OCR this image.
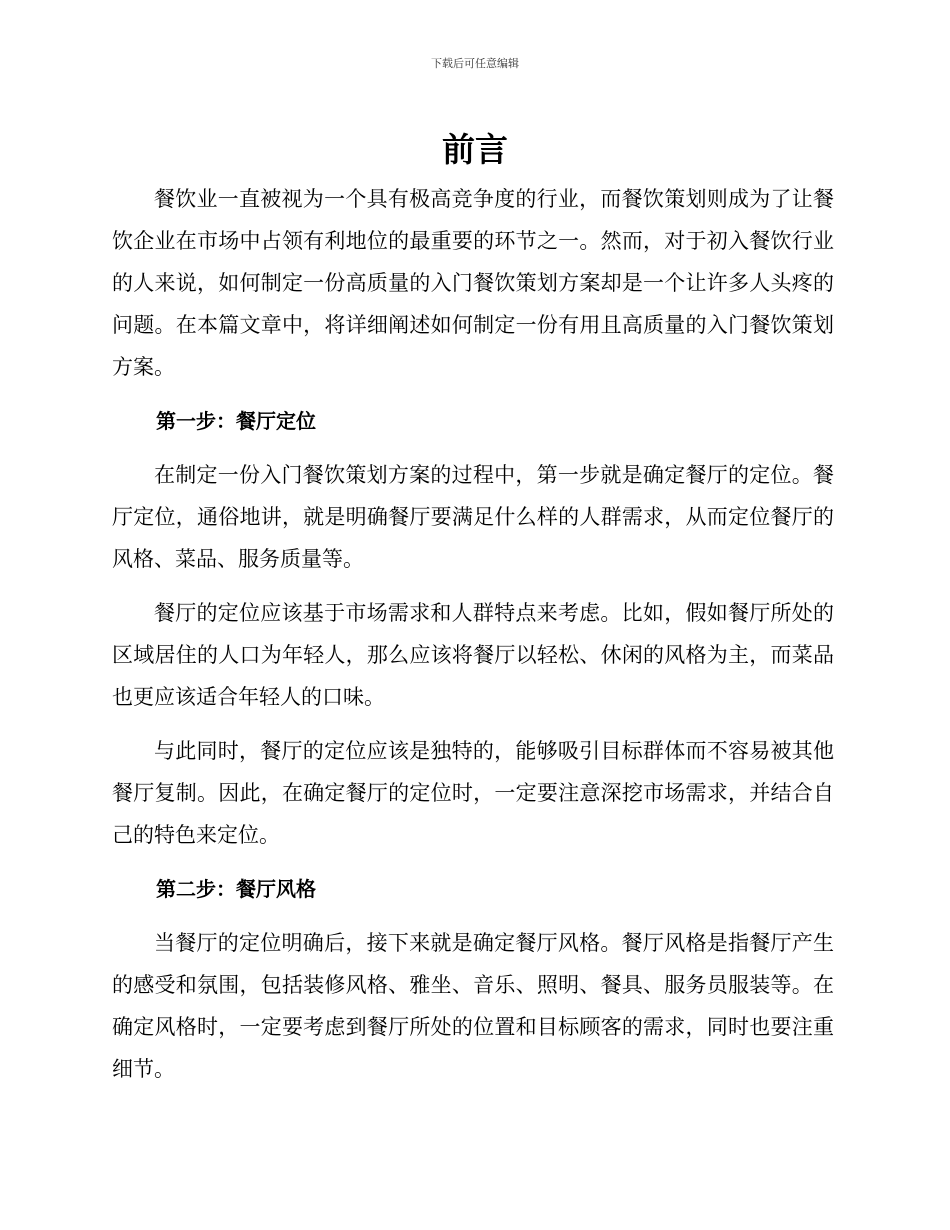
下载后可任意编辑
前言

餐饮业一直被视为一个具有极高竞争度的行业，而餐饮策划则成为了让餐饮企业在市场中占领有利地位的最重要的环节之一。然而，对于初入餐饮行业的人来说，如何制定一份高质量的入门餐饮策划方案却是一个让许多人头疼的问题。在本篇文章中，将详细阐述如何制定一份有用且高质量的入门餐饮策划方案。

第一步：餐厅定位

在制定一份入门餐饮策划方案的过程中，第一步就是确定餐厅的定位。餐厅定位，通俗地讲，就是明确餐厅要满足什么样的人群需求，从而定位餐厅的风格、菜品、服务质量等。

餐厅的定位应该基于市场需求和人群特点来考虑。比如，假如餐厅所处的区域居住的人口为年轻人，那么应该将餐厅以轻松、休闲的风格为主，而菜品也更应该适合年轻人的口味。

与此同时，餐厅的定位应该是独特的，能够吸引目标群体而不容易被其他餐厅复制。因此，在确定餐厅的定位时，一定要注意深挖市场需求，并结合自己的特色来定位。

第二步：餐厅风格

当餐厅的定位明确后，接下来就是确定餐厅风格。餐厅风格是指餐厅产生的感受和氛围，包括装修风格、雅坐、音乐、照明、餐具、服务员服装等。在确定风格时，一定要考虑到餐厅所处的位置和目标顾客的需求，同时也要注重细节。
